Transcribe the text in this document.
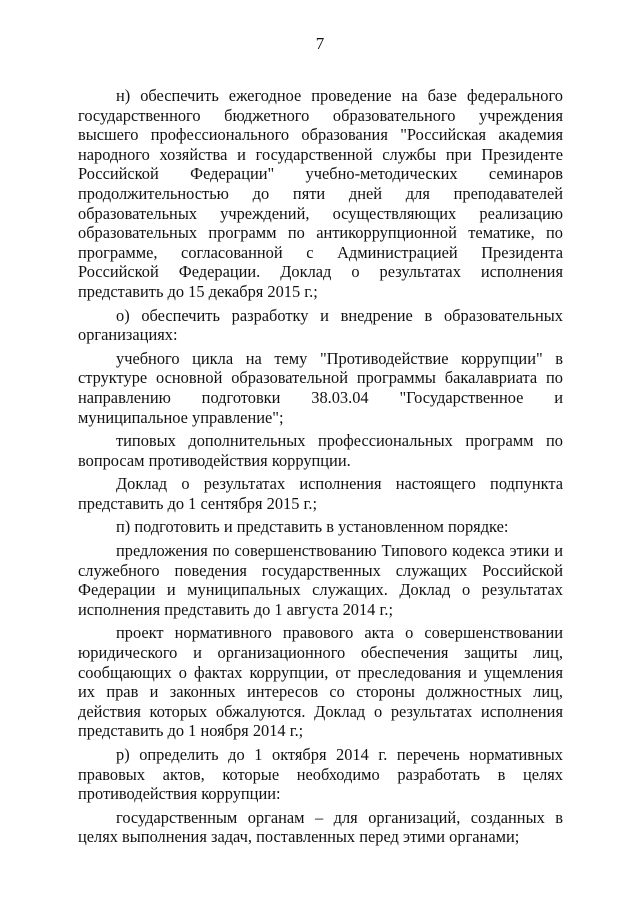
7

н) обеспечить ежегодное проведение на базе федерального государственного бюджетного образовательного учреждения высшего профессионального образования "Российская академия народного хозяйства и государственной службы при Президенте Российской Федерации" учебно-методических семинаров продолжительностью до пяти дней для преподавателей образовательных учреждений, осуществляющих реализацию образовательных программ по антикоррупционной тематике, по программе, согласованной с Администрацией Президента Российской Федерации. Доклад о результатах исполнения представить до 15 декабря 2015 г.;

о) обеспечить разработку и внедрение в образовательных организациях:

учебного цикла на тему "Противодействие коррупции" в структуре основной образовательной программы бакалавриата по направлению подготовки 38.03.04 "Государственное и муниципальное управление";

типовых дополнительных профессиональных программ по вопросам противодействия коррупции.

Доклад о результатах исполнения настоящего подпункта представить до 1 сентября 2015 г.;

п) подготовить и представить в установленном порядке:

предложения по совершенствованию Типового кодекса этики и служебного поведения государственных служащих Российской Федерации и муниципальных служащих. Доклад о результатах исполнения представить до 1 августа 2014 г.;

проект нормативного правового акта о совершенствовании юридического и организационного обеспечения защиты лиц, сообщающих о фактах коррупции, от преследования и ущемления их прав и законных интересов со стороны должностных лиц, действия которых обжалуются. Доклад о результатах исполнения представить до 1 ноября 2014 г.;

р) определить до 1 октября 2014 г. перечень нормативных правовых актов, которые необходимо разработать в целях противодействия коррупции:

государственным органам – для организаций, созданных в целях выполнения задач, поставленных перед этими органами;
